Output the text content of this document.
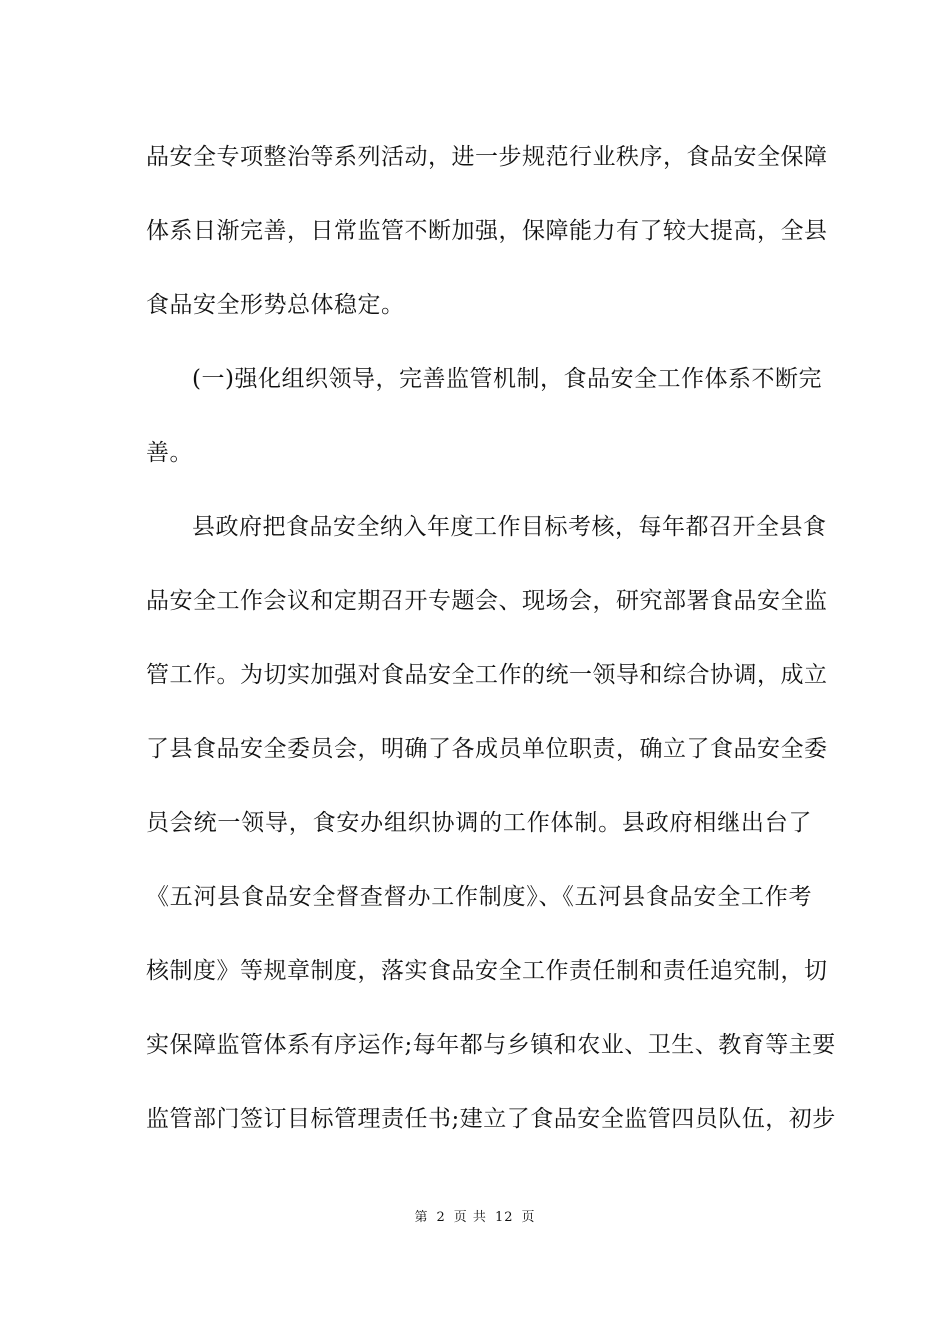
品安全专项整治等系列活动，进一步规范行业秩序，食品安全保障
体系日渐完善，日常监管不断加强，保障能力有了较大提高，全县
食品安全形势总体稳定。
(一)强化组织领导，完善监管机制，食品安全工作体系不断完
善。
县政府把食品安全纳入年度工作目标考核，每年都召开全县食
品安全工作会议和定期召开专题会、现场会，研究部署食品安全监
管工作。为切实加强对食品安全工作的统一领导和综合协调，成立
了县食品安全委员会，明确了各成员单位职责，确立了食品安全委
员会统一领导，食安办组织协调的工作体制。县政府相继出台了
《五河县食品安全督查督办工作制度》、《五河县食品安全工作考
核制度》等规章制度，落实食品安全工作责任制和责任追究制，切
实保障监管体系有序运作;每年都与乡镇和农业、卫生、教育等主要
监管部门签订目标管理责任书;建立了食品安全监管四员队伍，初步
第 2 页 共 12 页
